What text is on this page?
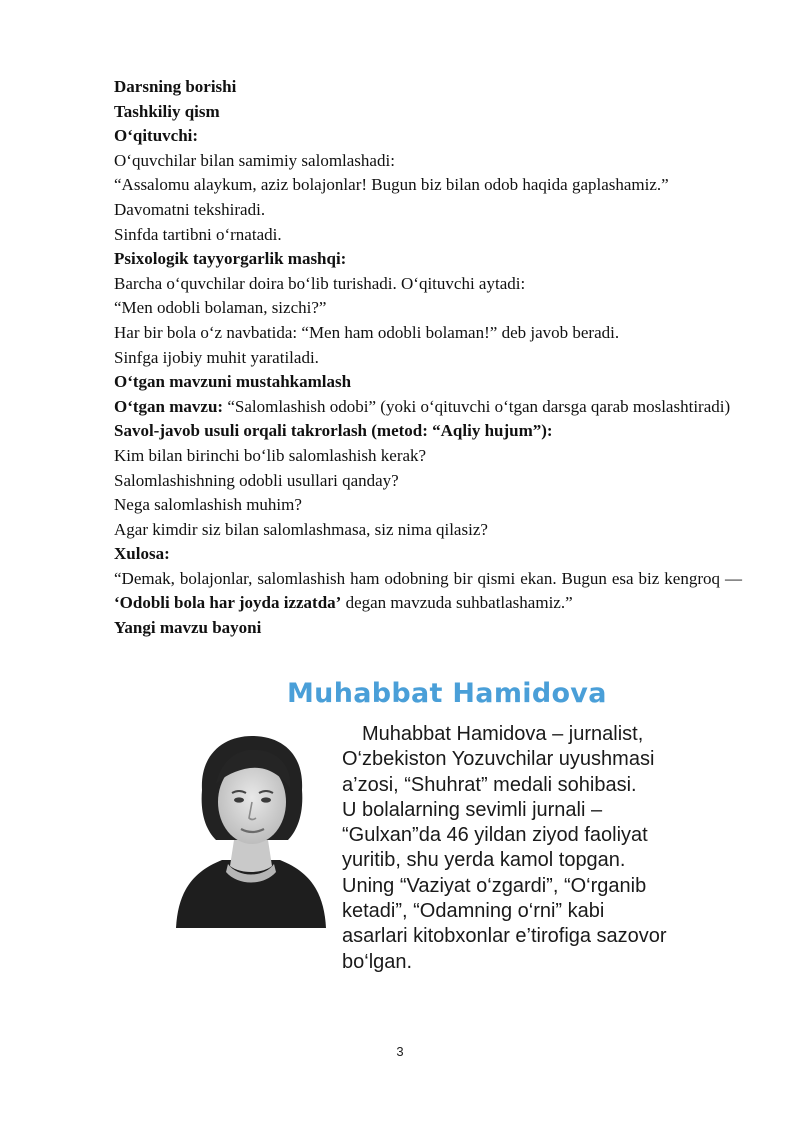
Darsning borishi

Tashkiliy qism

O‘qituvchi:

O‘quvchilar bilan samimiy salomlashadi:

“Assalomu alaykum, aziz bolajonlar! Bugun biz bilan odob haqida gaplashamiz.”

Davomatni tekshiradi.

Sinfda tartibni o‘rnatadi.

Psixologik tayyorgarlik mashqi:

Barcha o‘quvchilar doira bo‘lib turishadi. O‘qituvchi aytadi:

“Men odobli bolaman, sizchi?”

Har bir bola o‘z navbatida: “Men ham odobli bolaman!” deb javob beradi.

Sinfga ijobiy muhit yaratiladi.

O‘tgan mavzuni mustahkamlash

O‘tgan mavzu: “Salomlashish odobi” (yoki o‘qituvchi o‘tgan darsga qarab moslashtiradi)

Savol-javob usuli orqali takrorlash (metod: “Aqliy hujum”):

Kim bilan birinchi bo‘lib salomlashish kerak?

Salomlashishning odobli usullari qanday?

Nega salomlashish muhim?

Agar kimdir siz bilan salomlashmasa, siz nima qilasiz?

Xulosa:

“Demak, bolajonlar, salomlashish ham odobning bir qismi ekan. Bugun esa biz kengroq — ‘Odobli bola har joyda izzatda’ degan mavzuda suhbatlashamiz.”

Yangi mavzu bayoni

Muhabbat Hamidova

Muhabbat Hamidova – jurnalist,
O‘zbekiston Yozuvchilar uyushmasi
a’zosi, “Shuhrat” medali sohibasi.
U bolalarning sevimli jurnali –
“Gulxan”da 46 yildan ziyod faoliyat
yuritib, shu yerda kamol topgan.
Uning “Vaziyat o‘zgardi”, “O‘rganib
ketadi”, “Odamning o‘rni” kabi
asarlari kitobxonlar e’tirofiga sazovor
bo‘lgan.

3
